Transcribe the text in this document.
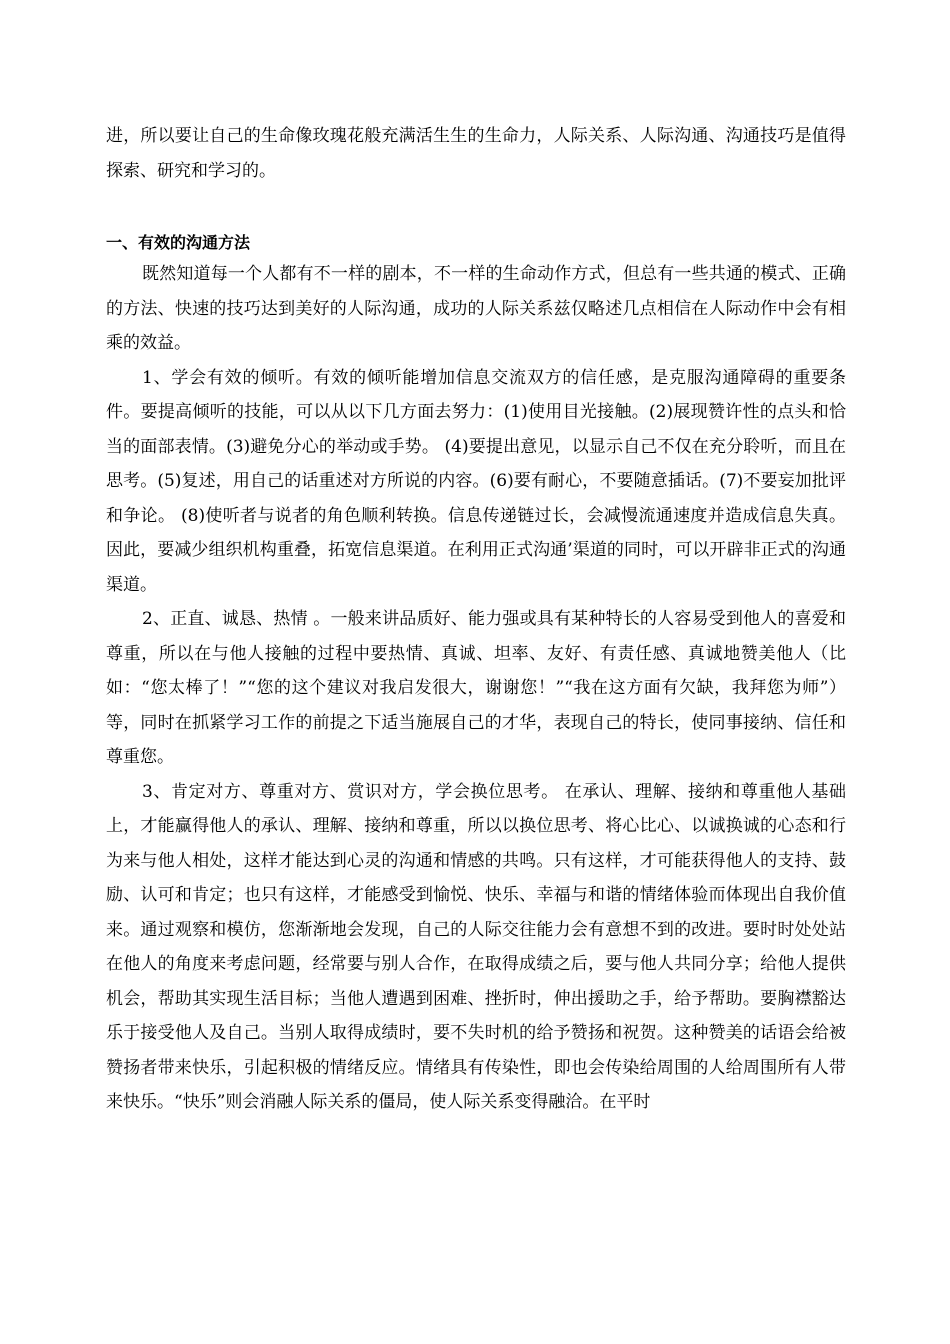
进，所以要让自己的生命像玫瑰花般充满活生生的生命力，人际关系、人际沟通、沟通技巧是值得探索、研究和学习的。

一、有效的沟通方法

既然知道每一个人都有不一样的剧本，不一样的生命动作方式，但总有一些共通的模式、正确的方法、快速的技巧达到美好的人际沟通，成功的人际关系兹仅略述几点相信在人际动作中会有相乘的效益。

1、学会有效的倾听。有效的倾听能增加信息交流双方的信任感，是克服沟通障碍的重要条件。要提高倾听的技能，可以从以下几方面去努力：(1)使用目光接触。(2)展现赞许性的点头和恰当的面部表情。(3)避免分心的举动或手势。 (4)要提出意见，以显示自己不仅在充分聆听，而且在思考。(5)复述，用自己的话重述对方所说的内容。(6)要有耐心，不要随意插话。(7)不要妄加批评和争论。 (8)使听者与说者的角色顺利转换。信息传递链过长，会减慢流通速度并造成信息失真。因此，要减少组织机构重叠，拓宽信息渠道。在利用正式沟通’渠道的同时，可以开辟非正式的沟通渠道。

2、正直、诚恳、热情 。一般来讲品质好、能力强或具有某种特长的人容易受到他人的喜爱和尊重，所以在与他人接触的过程中要热情、真诚、坦率、友好、有责任感、真诚地赞美他人（比如：“您太棒了！”“您的这个建议对我启发很大，谢谢您！”“我在这方面有欠缺，我拜您为师”）等，同时在抓紧学习工作的前提之下适当施展自己的才华，表现自己的特长，使同事接纳、信任和尊重您。

3、肯定对方、尊重对方、赏识对方，学会换位思考。 在承认、理解、接纳和尊重他人基础上，才能赢得他人的承认、理解、接纳和尊重，所以以换位思考、将心比心、以诚换诚的心态和行为来与他人相处，这样才能达到心灵的沟通和情感的共鸣。只有这样，才可能获得他人的支持、鼓励、认可和肯定；也只有这样，才能感受到愉悦、快乐、幸福与和谐的情绪体验而体现出自我价值来。通过观察和模仿，您渐渐地会发现，自己的人际交往能力会有意想不到的改进。要时时处处站在他人的角度来考虑问题，经常要与别人合作，在取得成绩之后，要与他人共同分享；给他人提供机会，帮助其实现生活目标；当他人遭遇到困难、挫折时，伸出援助之手，给予帮助。要胸襟豁达乐于接受他人及自己。当别人取得成绩时，要不失时机的给予赞扬和祝贺。这种赞美的话语会给被赞扬者带来快乐，引起积极的情绪反应。情绪具有传染性，即也会传染给周围的人给周围所有人带来快乐。“快乐”则会消融人际关系的僵局，使人际关系变得融洽。在平时
